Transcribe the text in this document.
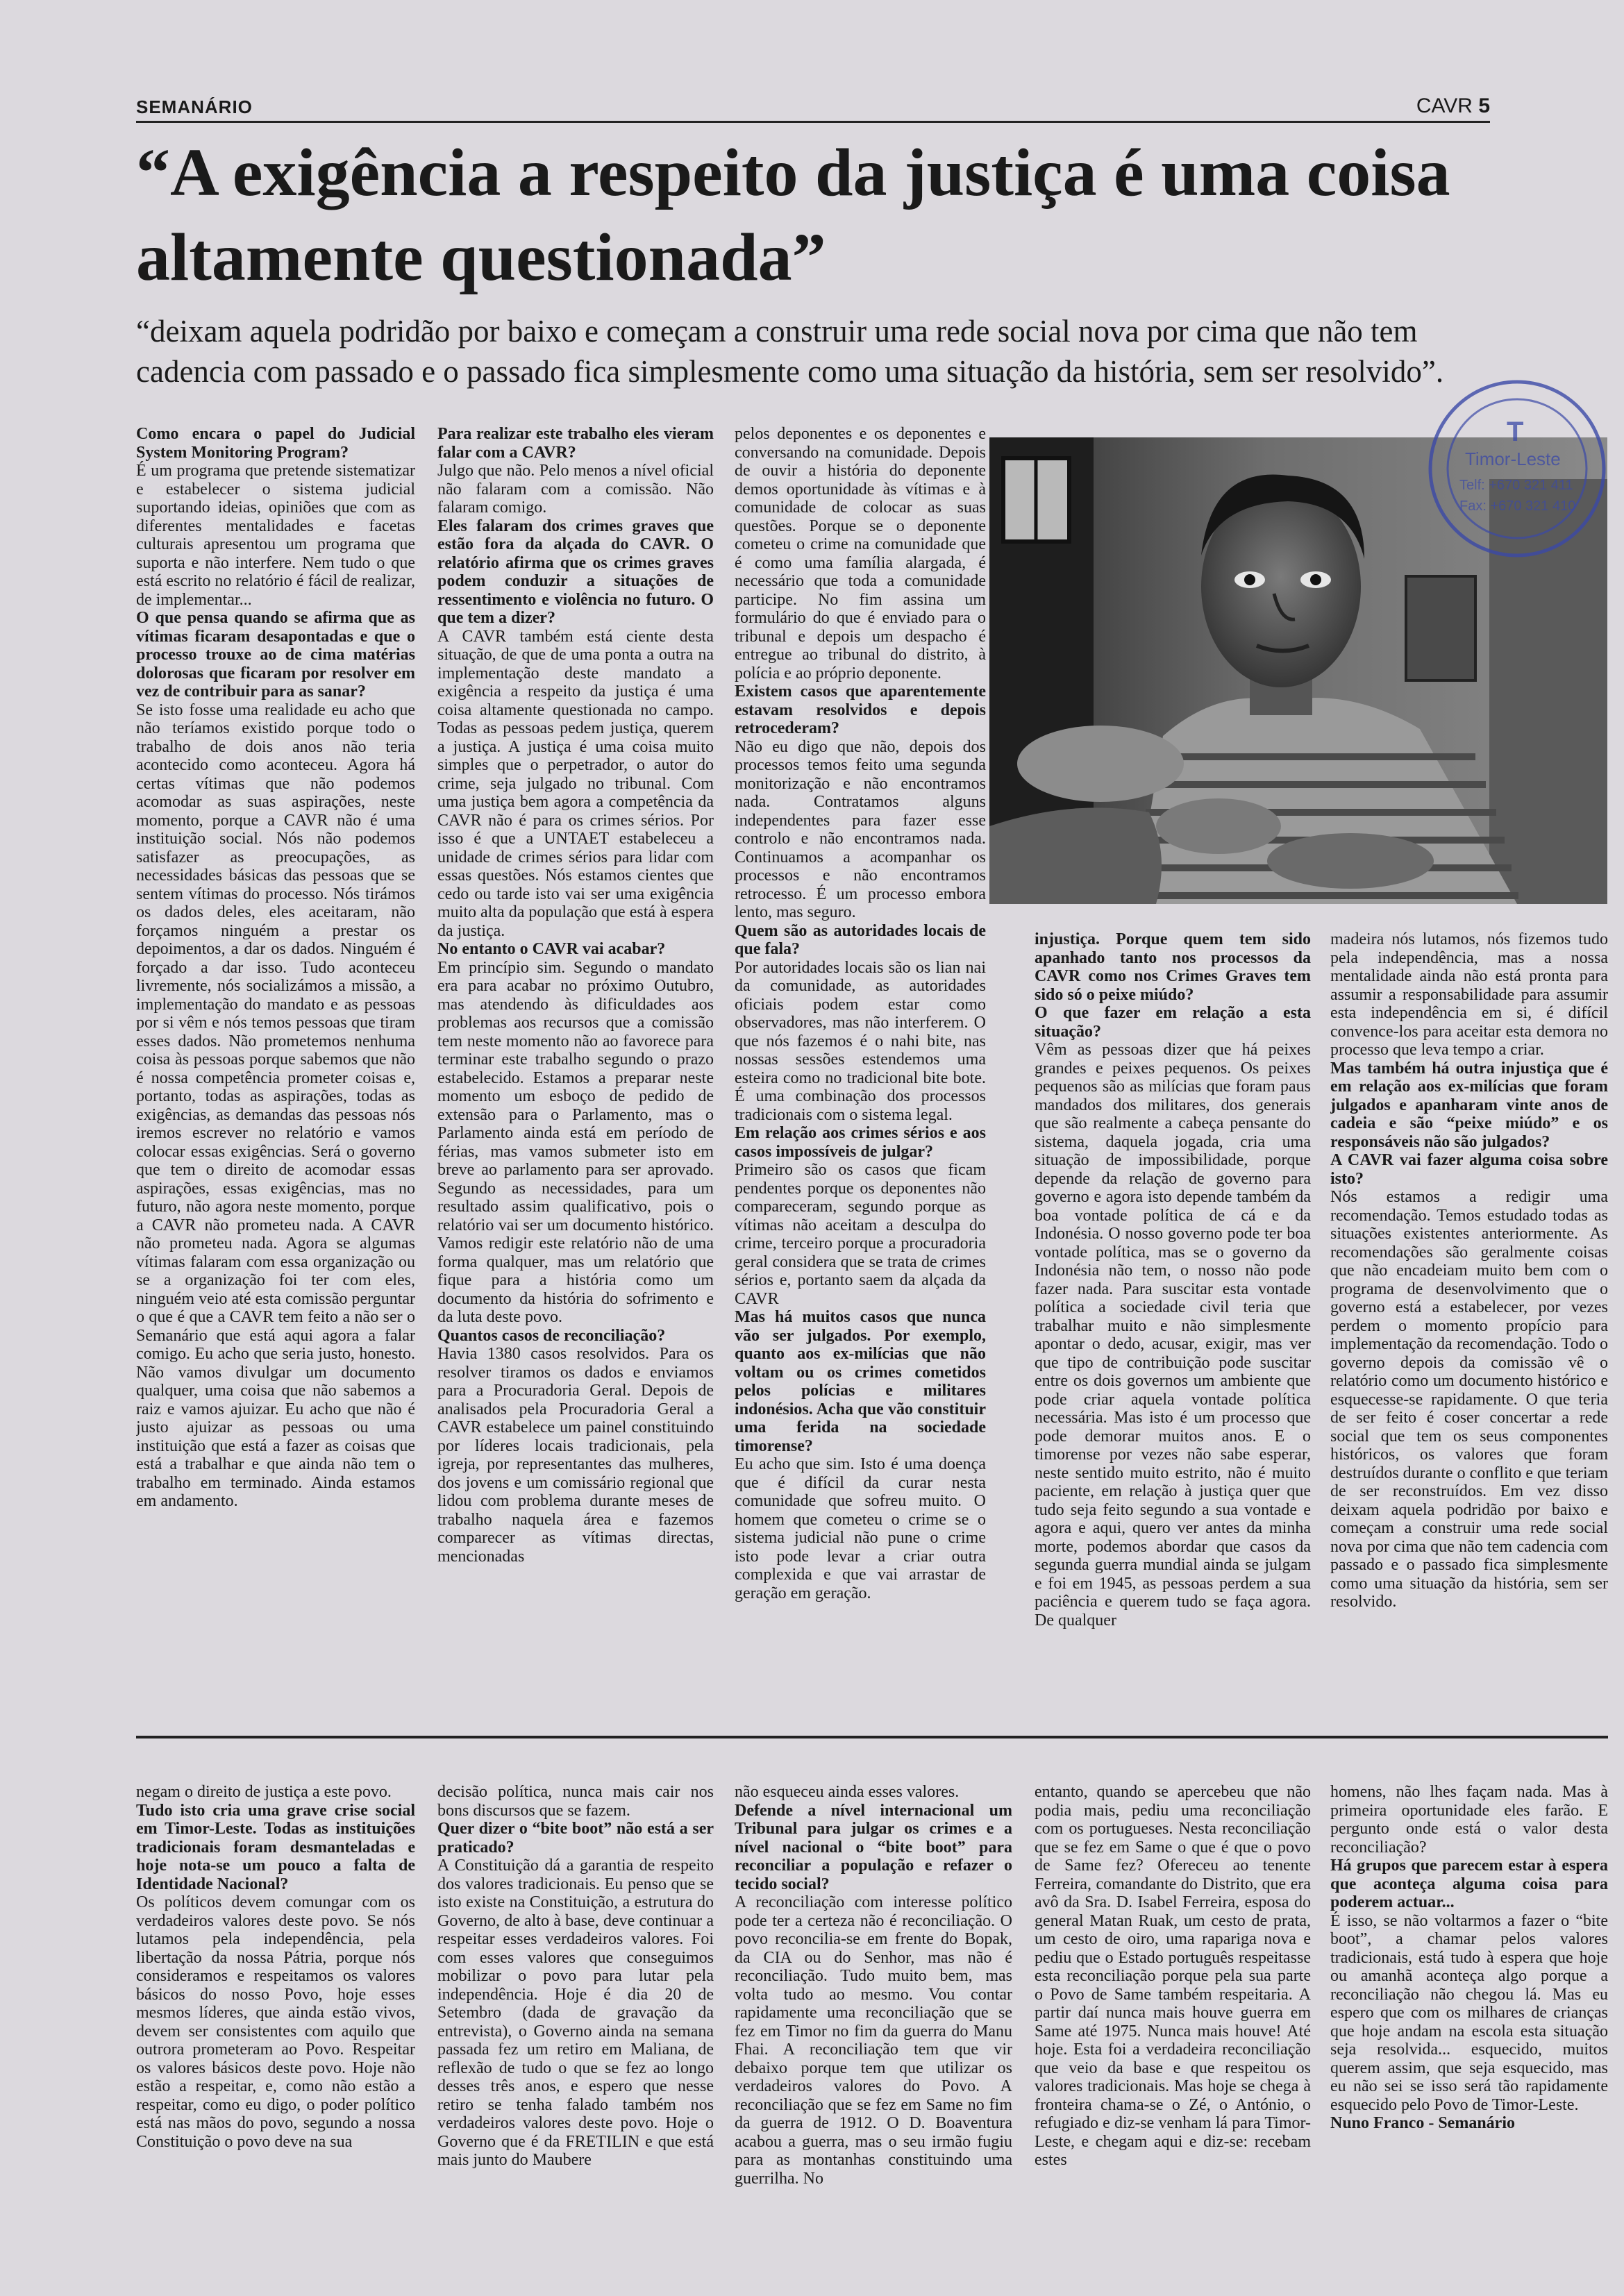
SEMANÁRIO	CAVR 5
“A exigência a respeito da justiça é uma coisa altamente questionada”

“deixam aquela podridão por baixo e começam a construir uma rede social nova por cima que não tem cadencia com passado e o passado fica simplesmente como uma situação da história, sem ser resolvido”.

T
Timor-Leste
Telf: +670 321 411
Fax: +670 321 410

Como encara o papel do Judicial System Monitoring Program?

É um programa que pretende sistematizar e estabelecer o sistema judicial suportando ideias, opiniões que com as diferentes mentalidades e facetas culturais apresentou um programa que suporta e não interfere. Nem tudo o que está escrito no relatório é fácil de realizar, de implementar...

O que pensa quando se afirma que as vítimas ficaram desapontadas e que o processo trouxe ao de cima matérias dolorosas que ficaram por resolver em vez de contribuir para as sanar?

Se isto fosse uma realidade eu acho que não teríamos existido porque todo o trabalho de dois anos não teria acontecido como aconteceu. Agora há certas vítimas que não podemos acomodar as suas aspirações, neste momento, porque a CAVR não é uma instituição social. Nós não podemos satisfazer as preocupações, as necessidades básicas das pessoas que se sentem vítimas do processo. Nós tirámos os dados deles, eles aceitaram, não forçamos ninguém a prestar os depoimentos, a dar os dados. Ninguém é forçado a dar isso. Tudo aconteceu livremente, nós socializámos a missão, a implementação do mandato e as pessoas por si vêm e nós temos pessoas que tiram esses dados. Não prometemos nenhuma coisa às pessoas porque sabemos que não é nossa competência prometer coisas e, portanto, todas as aspirações, todas as exigências, as demandas das pessoas nós iremos escrever no relatório e vamos colocar essas exigências. Será o governo que tem o direito de acomodar essas aspirações, essas exigências, mas no futuro, não agora neste momento, porque a CAVR não prometeu nada. A CAVR não prometeu nada. Agora se algumas vítimas falaram com essa organização ou se a organização foi ter com eles, ninguém veio até esta comissão perguntar o que é que a CAVR tem feito a não ser o Semanário que está aqui agora a falar comigo. Eu acho que seria justo, honesto. Não vamos divulgar um documento qualquer, uma coisa que não sabemos a raiz e vamos ajuizar. Eu acho que não é justo ajuizar as pessoas ou uma instituição que está a fazer as coisas que está a trabalhar e que ainda não tem o trabalho em terminado. Ainda estamos em andamento.

Para realizar este trabalho eles vieram falar com a CAVR?

Julgo que não. Pelo menos a nível oficial não falaram com a comissão. Não falaram comigo.

Eles falaram dos crimes graves que estão fora da alçada do CAVR. O relatório afirma que os crimes graves podem conduzir a situações de ressentimento e violência no futuro. O que tem a dizer?

A CAVR também está ciente desta situação, de que de uma ponta a outra na implementação deste mandato a exigência a respeito da justiça é uma coisa altamente questionada no campo. Todas as pessoas pedem justiça, querem a justiça. A justiça é uma coisa muito simples que o perpetrador, o autor do crime, seja julgado no tribunal. Com uma justiça bem agora a competência da CAVR não é para os crimes sérios. Por isso é que a UNTAET estabeleceu a unidade de crimes sérios para lidar com essas questões. Nós estamos cientes que cedo ou tarde isto vai ser uma exigência muito alta da população que está à espera da justiça.

No entanto o CAVR vai acabar?

Em princípio sim. Segundo o mandato era para acabar no próximo Outubro, mas atendendo às dificuldades aos problemas aos recursos que a comissão tem neste momento não ao favorece para terminar este trabalho segundo o prazo estabelecido. Estamos a preparar neste momento um esboço de pedido de extensão para o Parlamento, mas o Parlamento ainda está em período de férias, mas vamos submeter isto em breve ao parlamento para ser aprovado. Segundo as necessidades, para um resultado assim qualificativo, pois o relatório vai ser um documento histórico. Vamos redigir este relatório não de uma forma qualquer, mas um relatório que fique para a história como um documento da história do sofrimento e da luta deste povo.

Quantos casos de reconciliação?

Havia 1380 casos resolvidos. Para os resolver tiramos os dados e enviamos para a Procuradoria Geral. Depois de analisados pela Procuradoria Geral a CAVR estabelece um painel constituindo por líderes locais tradicionais, pela igreja, por representantes das mulheres, dos jovens e um comissário regional que lidou com problema durante meses de trabalho naquela área e fazemos comparecer as vítimas directas, mencionadas

pelos deponentes e os deponentes e conversando na comunidade. Depois de ouvir a história do deponente demos oportunidade às vítimas e à comunidade de colocar as suas questões. Porque se o deponente cometeu o crime na comunidade que é como uma família alargada, é necessário que toda a comunidade participe. No fim assina um formulário do que é enviado para o tribunal e depois um despacho é entregue ao tribunal do distrito, à polícia e ao próprio deponente.

Existem casos que aparentemente estavam resolvidos e depois retrocederam?

Não eu digo que não, depois dos processos temos feito uma segunda monitorização e não encontramos nada. Contratamos alguns independentes para fazer esse controlo e não encontramos nada. Continuamos a acompanhar os processos e não encontramos retrocesso. É um processo embora lento, mas seguro.

Quem são as autoridades locais de que fala?

Por autoridades locais são os lian nai da comunidade, as autoridades oficiais podem estar como observadores, mas não interferem. O que nós fazemos é o nahi bite, nas nossas sessões estendemos uma esteira como no tradicional bite bote. É uma combinação dos processos tradicionais com o sistema legal.

Em relação aos crimes sérios e aos casos impossíveis de julgar?

Primeiro são os casos que ficam pendentes porque os deponentes não compareceram, segundo porque as vítimas não aceitam a desculpa do crime, terceiro porque a procuradoria geral considera que se trata de crimes sérios e, portanto saem da alçada da CAVR

Mas há muitos casos que nunca vão ser julgados. Por exemplo, quanto aos ex-milícias que não voltam ou os crimes cometidos pelos polícias e militares indonésios. Acha que vão constituir uma ferida na sociedade timorense?

Eu acho que sim. Isto é uma doença que é difícil da curar nesta comunidade que sofreu muito. O homem que cometeu o crime se o sistema judicial não pune o crime isto pode levar a criar outra complexida e que vai arrastar de geração em geração.

injustiça. Porque quem tem sido apanhado tanto nos processos da CAVR como nos Crimes Graves tem sido só o peixe miúdo?

O que fazer em relação a esta situação?

Vêm as pessoas dizer que há peixes grandes e peixes pequenos. Os peixes pequenos são as milícias que foram paus mandados dos militares, dos generais que são realmente a cabeça pensante do sistema, daquela jogada, cria uma situação de impossibilidade, porque depende da relação de governo para governo e agora isto depende também da boa vontade política de cá e da Indonésia. O nosso governo pode ter boa vontade política, mas se o governo da Indonésia não tem, o nosso não pode fazer nada. Para suscitar esta vontade política a sociedade civil teria que trabalhar muito e não simplesmente apontar o dedo, acusar, exigir, mas ver que tipo de contribuição pode suscitar entre os dois governos um ambiente que pode criar aquela vontade política necessária. Mas isto é um processo que pode demorar muitos anos. E o timorense por vezes não sabe esperar, neste sentido muito estrito, não é muito paciente, em relação à justiça quer que tudo seja feito segundo a sua vontade e agora e aqui, quero ver antes da minha morte, podemos abordar que casos da segunda guerra mundial ainda se julgam e foi em 1945, as pessoas perdem a sua paciência e querem tudo se faça agora. De qualquer

madeira nós lutamos, nós fizemos tudo pela independência, mas a nossa mentalidade ainda não está pronta para assumir a responsabilidade para assumir esta independência em si, é difícil convence-los para aceitar esta demora no processo que leva tempo a criar.

Mas também há outra injustiça que é em relação aos ex-milícias que foram julgados e apanharam vinte anos de cadeia e são “peixe miúdo” e os responsáveis não são julgados?

A CAVR vai fazer alguma coisa sobre isto?

Nós estamos a redigir uma recomendação. Temos estudado todas as situações existentes anteriormente. As recomendações são geralmente coisas que não encadeiam muito bem com o programa de desenvolvimento que o governo está a estabelecer, por vezes perdem o momento propício para implementação da recomendação. Todo o governo depois da comissão vê o relatório como um documento histórico e esquecesse-se rapidamente. O que teria de ser feito é coser concertar a rede social que tem os seus componentes históricos, os valores que foram destruídos durante o conflito e que teriam de ser reconstruídos. Em vez disso deixam aquela podridão por baixo e começam a construir uma rede social nova por cima que não tem cadencia com passado e o passado fica simplesmente como uma situação da história, sem ser resolvido.

negam o direito de justiça a este povo.

Tudo isto cria uma grave crise social em Timor-Leste. Todas as instituições tradicionais foram desmanteladas e hoje nota-se um pouco a falta de Identidade Nacional?

Os políticos devem comungar com os verdadeiros valores deste povo. Se nós lutamos pela independência, pela libertação da nossa Pátria, porque nós consideramos e respeitamos os valores básicos do nosso Povo, hoje esses mesmos líderes, que ainda estão vivos, devem ser consistentes com aquilo que outrora prometeram ao Povo. Respeitar os valores básicos deste povo. Hoje não estão a respeitar, e, como não estão a respeitar, como eu digo, o poder político está nas mãos do povo, segundo a nossa Constituição o povo deve na sua

decisão política, nunca mais cair nos bons discursos que se fazem.

Quer dizer o “bite boot” não está a ser praticado?

A Constituição dá a garantia de respeito dos valores tradicionais. Eu penso que se isto existe na Constituição, a estrutura do Governo, de alto à base, deve continuar a respeitar esses verdadeiros valores. Foi com esses valores que conseguimos mobilizar o povo para lutar pela independência. Hoje é dia 20 de Setembro (dada de gravação da entrevista), o Governo ainda na semana passada fez um retiro em Maliana, de reflexão de tudo o que se fez ao longo desses três anos, e espero que nesse retiro se tenha falado também nos verdadeiros valores deste povo. Hoje o Governo que é da FRETILIN e que está mais junto do Maubere

não esqueceu ainda esses valores.

Defende a nível internacional um Tribunal para julgar os crimes e a nível nacional o “bite boot” para reconciliar a população e refazer o tecido social?

A reconciliação com interesse político pode ter a certeza não é reconciliação. O povo reconcilia-se em frente do Bopak, da CIA ou do Senhor, mas não é reconciliação. Tudo muito bem, mas volta tudo ao mesmo. Vou contar rapidamente uma reconciliação que se fez em Timor no fim da guerra do Manu Fhai. A reconciliação tem que vir debaixo porque tem que utilizar os verdadeiros valores do Povo. A reconciliação que se fez em Same no fim da guerra de 1912. O D. Boaventura acabou a guerra, mas o seu irmão fugiu para as montanhas constituindo uma guerrilha. No

entanto, quando se apercebeu que não podia mais, pediu uma reconciliação com os portugueses. Nesta reconciliação que se fez em Same o que é que o povo de Same fez? Ofereceu ao tenente Ferreira, comandante do Distrito, que era avô da Sra. D. Isabel Ferreira, esposa do general Matan Ruak, um cesto de prata, um cesto de oiro, uma rapariga nova e pediu que o Estado português respeitasse esta reconciliação porque pela sua parte o Povo de Same também respeitaria. A partir daí nunca mais houve guerra em Same até 1975. Nunca mais houve! Até hoje. Esta foi a verdadeira reconciliação que veio da base e que respeitou os valores tradicionais. Mas hoje se chega à fronteira chama-se o Zé, o António, o refugiado e diz-se venham lá para Timor-Leste, e chegam aqui e diz-se: recebam estes

homens, não lhes façam nada. Mas à primeira oportunidade eles farão. E pergunto onde está o valor desta reconciliação?

Há grupos que parecem estar à espera que aconteça alguma coisa para poderem actuar...

É isso, se não voltarmos a fazer o “bite boot”, a chamar pelos valores tradicionais, está tudo à espera que hoje ou amanhã aconteça algo porque a reconciliação não chegou lá. Mas eu espero que com os milhares de crianças que hoje andam na escola esta situação seja resolvida... esquecido, muitos querem assim, que seja esquecido, mas eu não sei se isso será tão rapidamente esquecido pelo Povo de Timor-Leste.

Nuno Franco - Semanário
